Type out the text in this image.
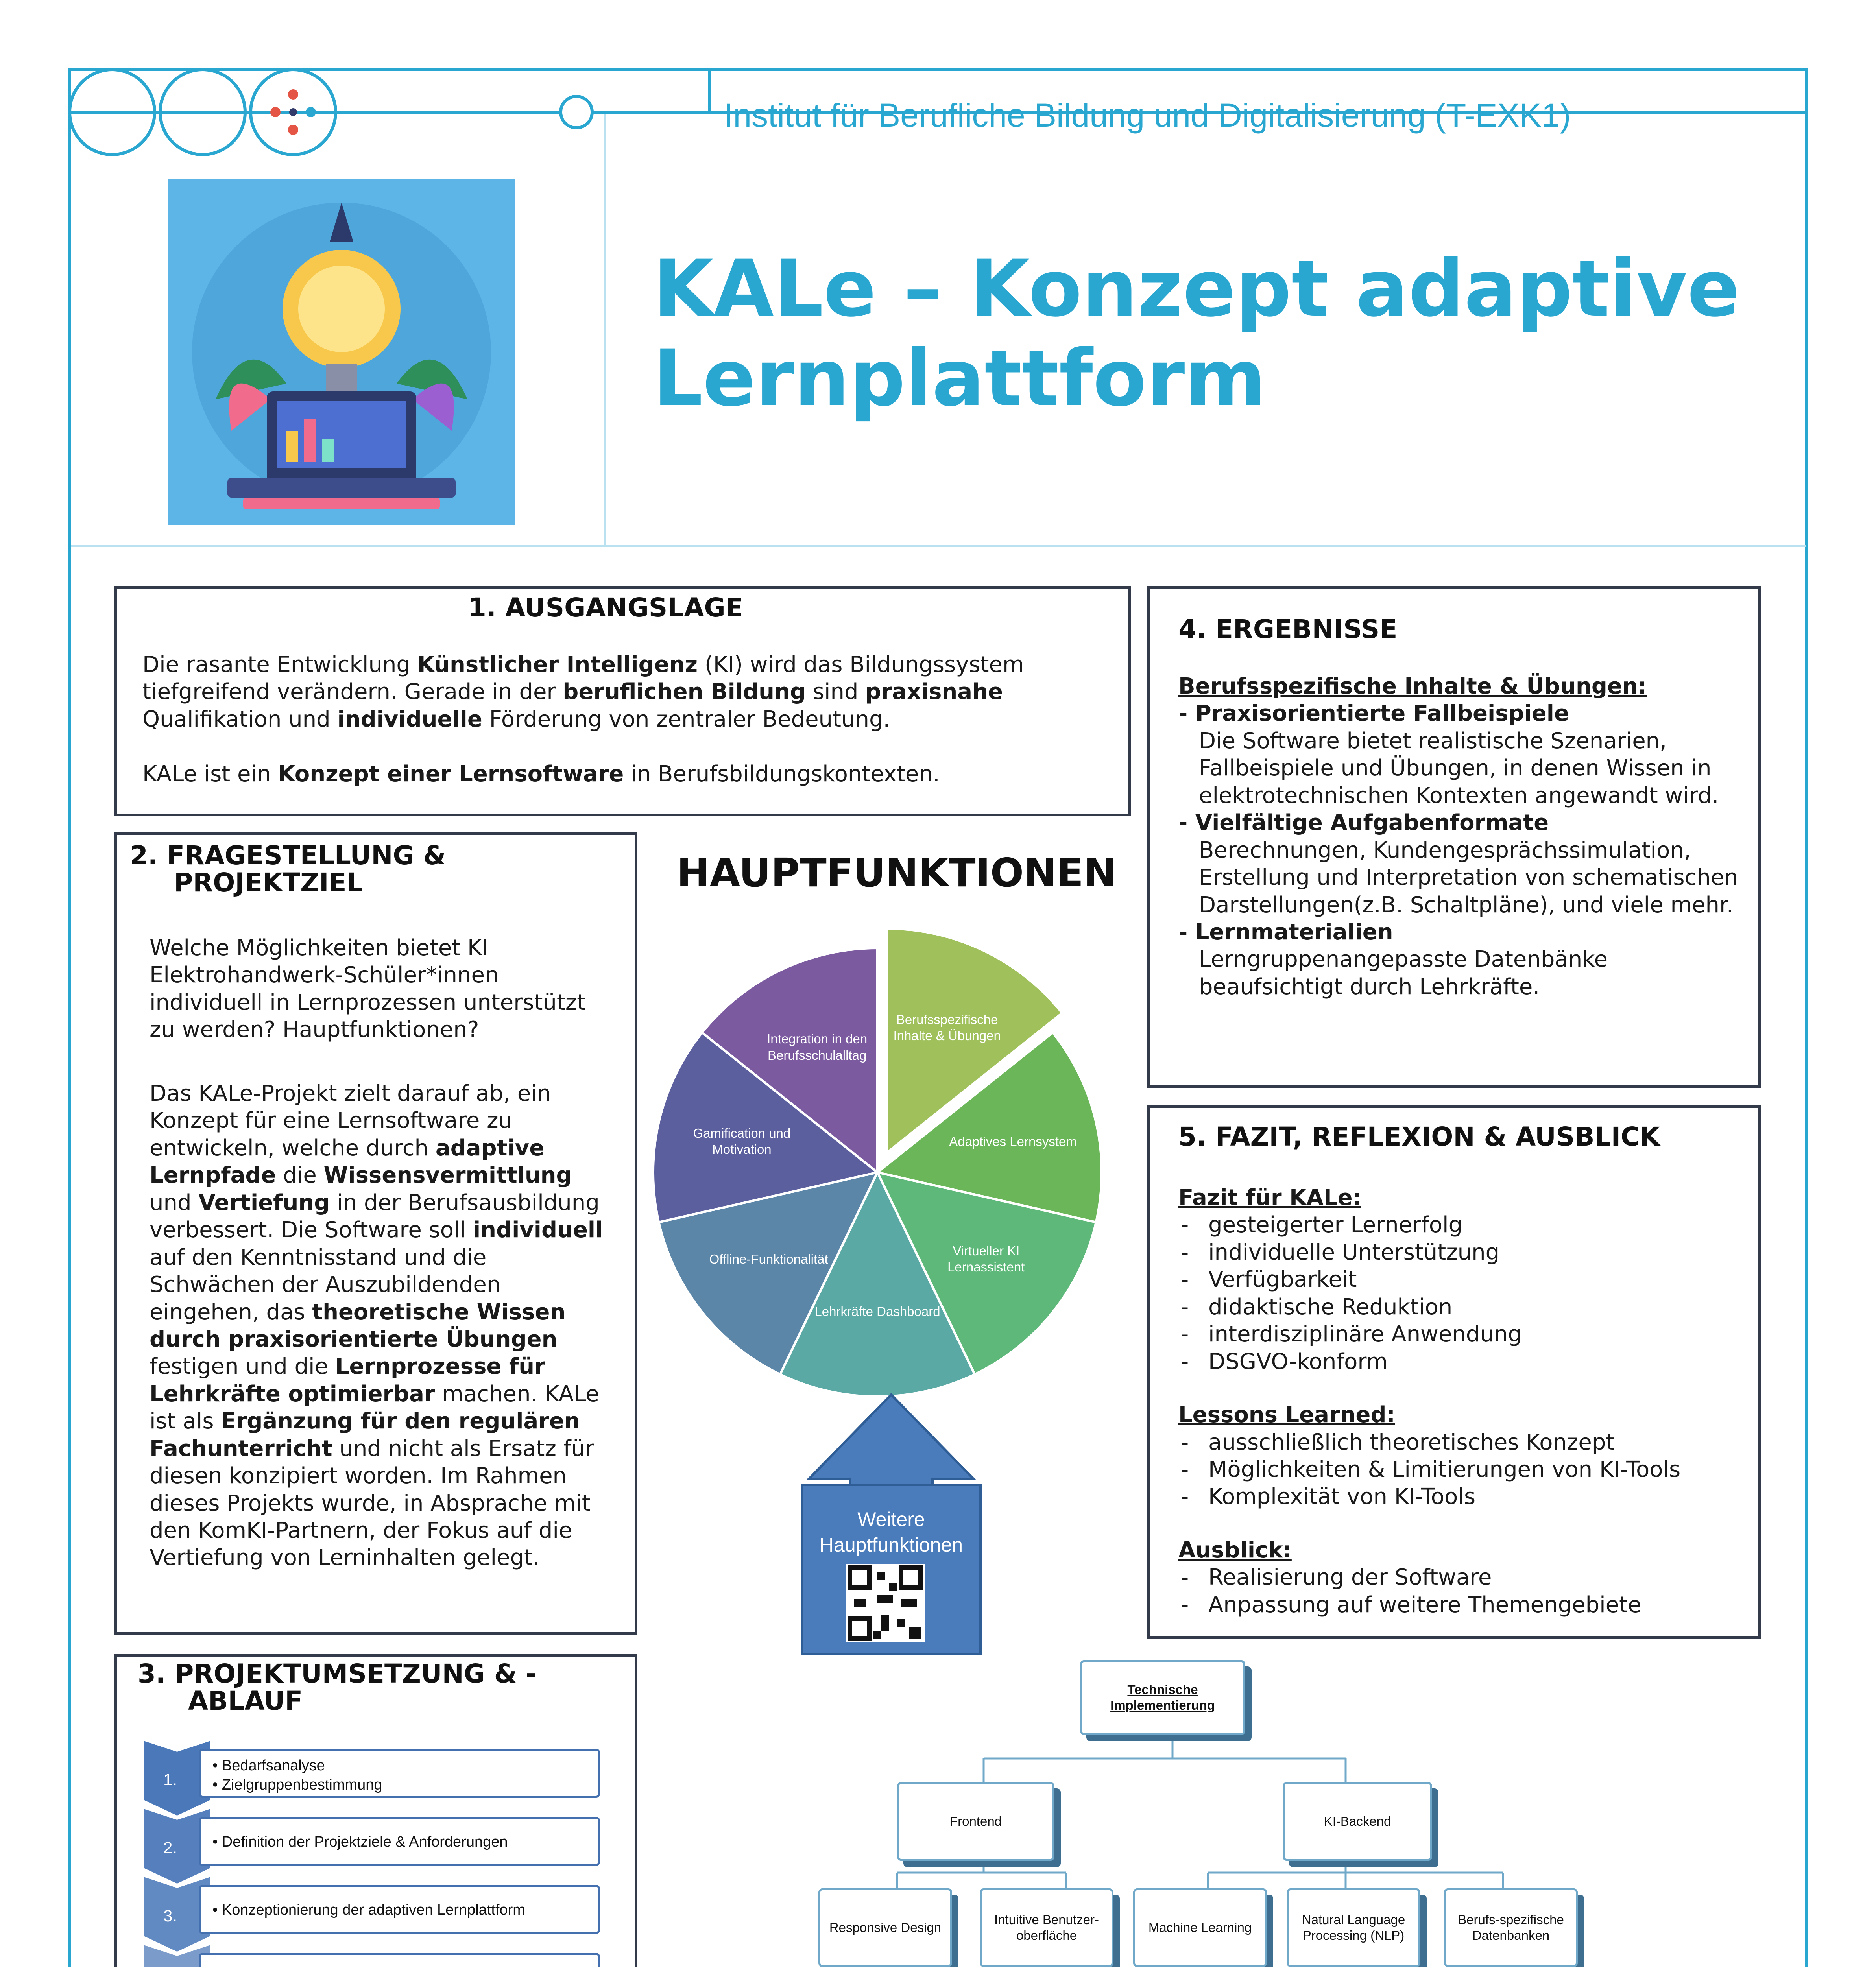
Institut für Berufliche Bildung und Digitalisierung (T-EXK1)
KALe – Konzept adaptive
Lernplattform
1. AUSGANGSLAGE
Die rasante Entwicklung Künstlicher Intelligenz (KI) wird das Bildungssystem
tiefgreifend verändern. Gerade in der beruflichen Bildung sind praxisnahe
Qualifikation und individuelle Förderung von zentraler Bedeutung.
KALe ist ein Konzept einer Lernsoftware in Berufsbildungskontexten.
2. FRAGESTELLUNG &
PROJEKTZIEL
Welche Möglichkeiten bietet KI Elektrohandwerk-Schüler*innen individuell in Lernprozessen unterstützt zu werden? Hauptfunktionen?
Das KALe-Projekt zielt darauf ab, ein Konzept für eine Lernsoftware zu entwickeln, welche durch adaptive Lernpfade die Wissensvermittlung und Vertiefung in der Berufsausbildung verbessert. Die Software soll individuell auf den Kenntnisstand und die Schwächen der Auszubildenden eingehen, das theoretische Wissen durch praxisorientierte Übungen festigen und die Lernprozesse für Lehrkräfte optimierbar machen. KALe ist als Ergänzung für den regulären Fachunterricht und nicht als Ersatz für diesen konzipiert worden. Im Rahmen dieses Projekts wurde, in Absprache mit den KomKI-Partnern, der Fokus auf die Vertiefung von Lerninhalten gelegt.
HAUPTFUNKTIONEN
Berufsspezifische Inhalte & Übungen
Adaptives Lernsystem
Virtueller KI Lernassistent
Lehrkräfte Dashboard
Offline-Funktionalität
Gamification und Motivation
Integration in den Berufsschulalltag
Weitere Hauptfunktionen
3. PROJEKTUMSETZUNG & -
ABLAUF
1.
• Bedarfsanalyse
• Zielgruppenbestimmung
2. • Definition der Projektziele & Anforderungen
3. • Konzeptionierung der adaptiven Lernplattform
4. ERGEBNISSE
Berufsspezifische Inhalte & Übungen:
- Praxisorientierte Fallbeispiele
Die Software bietet realistische Szenarien, Fallbeispiele und Übungen, in denen Wissen in elektrotechnischen Kontexten angewandt wird.
- Vielfältige Aufgabenformate
Berechnungen, Kundengesprächssimulation, Erstellung und Interpretation von schematischen Darstellungen(z.B. Schaltpläne), und viele mehr.
- Lernmaterialien
Lerngruppenangepasste Datenbänke beaufsichtigt durch Lehrkräfte.
5. FAZIT, REFLEXION & AUSBLICK
Fazit für KALe:
- gesteigerter Lernerfolg
- individuelle Unterstützung
- Verfügbarkeit
- didaktische Reduktion
- interdisziplinäre Anwendung
- DSGVO-konform
Lessons Learned:
- ausschließlich theoretisches Konzept
- Möglichkeiten & Limitierungen von KI-Tools
- Komplexität von KI-Tools
Ausblick:
- Realisierung der Software
- Anpassung auf weitere Themengebiete
Technische Implementierung
Frontend	KI-Backend
Responsive Design
Intuitive Benutzer-oberfläche
Machine Learning
Natural Language Processing (NLP)
Berufs-spezifische Datenbanken
